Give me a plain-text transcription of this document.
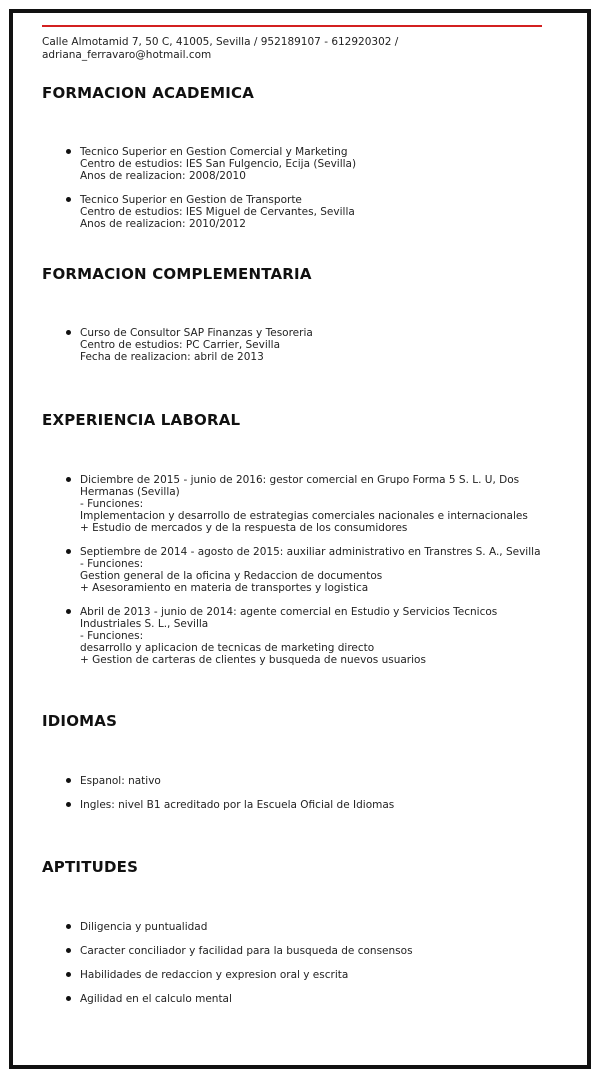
Calle Almotamid 7, 50 C, 41005, Sevilla / 952189107 - 612920302 /
adriana_ferravaro@hotmail.com
FORMACION ACADEMICA
Tecnico Superior en Gestion Comercial y Marketing
Centro de estudios: IES San Fulgencio, Ecija (Sevilla)
Anos de realizacion: 2008/2010
Tecnico Superior en Gestion de Transporte
Centro de estudios: IES Miguel de Cervantes, Sevilla
Anos de realizacion: 2010/2012
FORMACION COMPLEMENTARIA
Curso de Consultor SAP Finanzas y Tesoreria
Centro de estudios: PC Carrier, Sevilla
Fecha de realizacion: abril de 2013
EXPERIENCIA LABORAL
Diciembre de 2015 - junio de 2016: gestor comercial en Grupo Forma 5 S. L. U, Dos
Hermanas (Sevilla)
- Funciones:
Implementacion y desarrollo de estrategias comerciales nacionales e internacionales
+ Estudio de mercados y de la respuesta de los consumidores
Septiembre de 2014 - agosto de 2015: auxiliar administrativo en Transtres S. A., Sevilla
- Funciones:
Gestion general de la oficina y Redaccion de documentos
+ Asesoramiento en materia de transportes y logistica
Abril de 2013 - junio de 2014: agente comercial en Estudio y Servicios Tecnicos
Industriales S. L., Sevilla
- Funciones:
desarrollo y aplicacion de tecnicas de marketing directo
+ Gestion de carteras de clientes y busqueda de nuevos usuarios
IDIOMAS
Espanol: nativo
Ingles: nivel B1 acreditado por la Escuela Oficial de Idiomas
APTITUDES
Diligencia y puntualidad
Caracter conciliador y facilidad para la busqueda de consensos
Habilidades de redaccion y expresion oral y escrita
Agilidad en el calculo mental
